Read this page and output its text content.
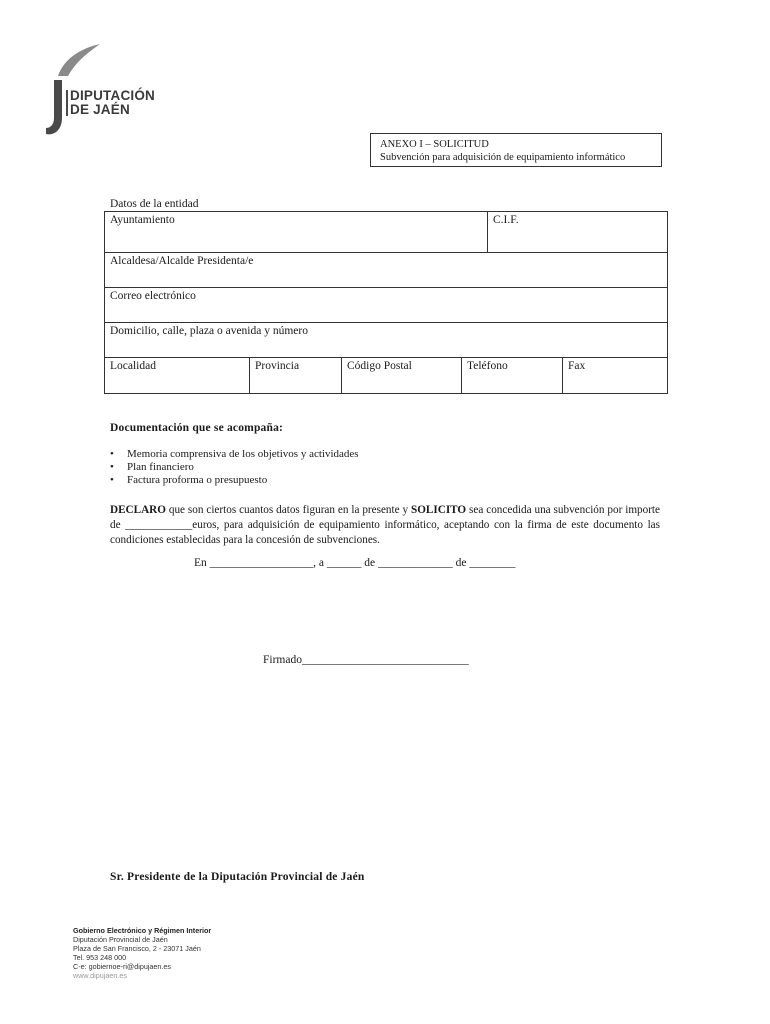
DIPUTACIÓN
DE JAÉN
ANEXO I – SOLICITUD
Subvención para adquisición de equipamiento informático
Datos de la entidad
Ayuntamiento	C.I.F.
Alcaldesa/Alcalde Presidenta/e
Correo electrónico
Domicilio, calle, plaza o avenida y número
Localidad	Provincia	Código Postal	Teléfono	Fax
Documentación que se acompaña:
• Memoria comprensiva de los objetivos y actividades
• Plan financiero
• Factura proforma o presupuesto
DECLARO que son ciertos cuantos datos figuran en la presente y SOLICITO sea concedida una subvención por importe de ____________euros, para adquisición de equipamiento informático, aceptando con la firma de este documento las condiciones establecidas para la concesión de subvenciones.
En __________________, a ______ de _____________ de ________
Firmado_____________________________
Sr. Presidente de la Diputación Provincial de Jaén
Gobierno Electrónico y Régimen Interior
Diputación Provincial de Jaén
Plaza de San Francisco, 2 - 23071 Jaén
Tel. 953 248 000
C-e: gobiernoe-ri@dipujaen.es
www.dipujaen.es
